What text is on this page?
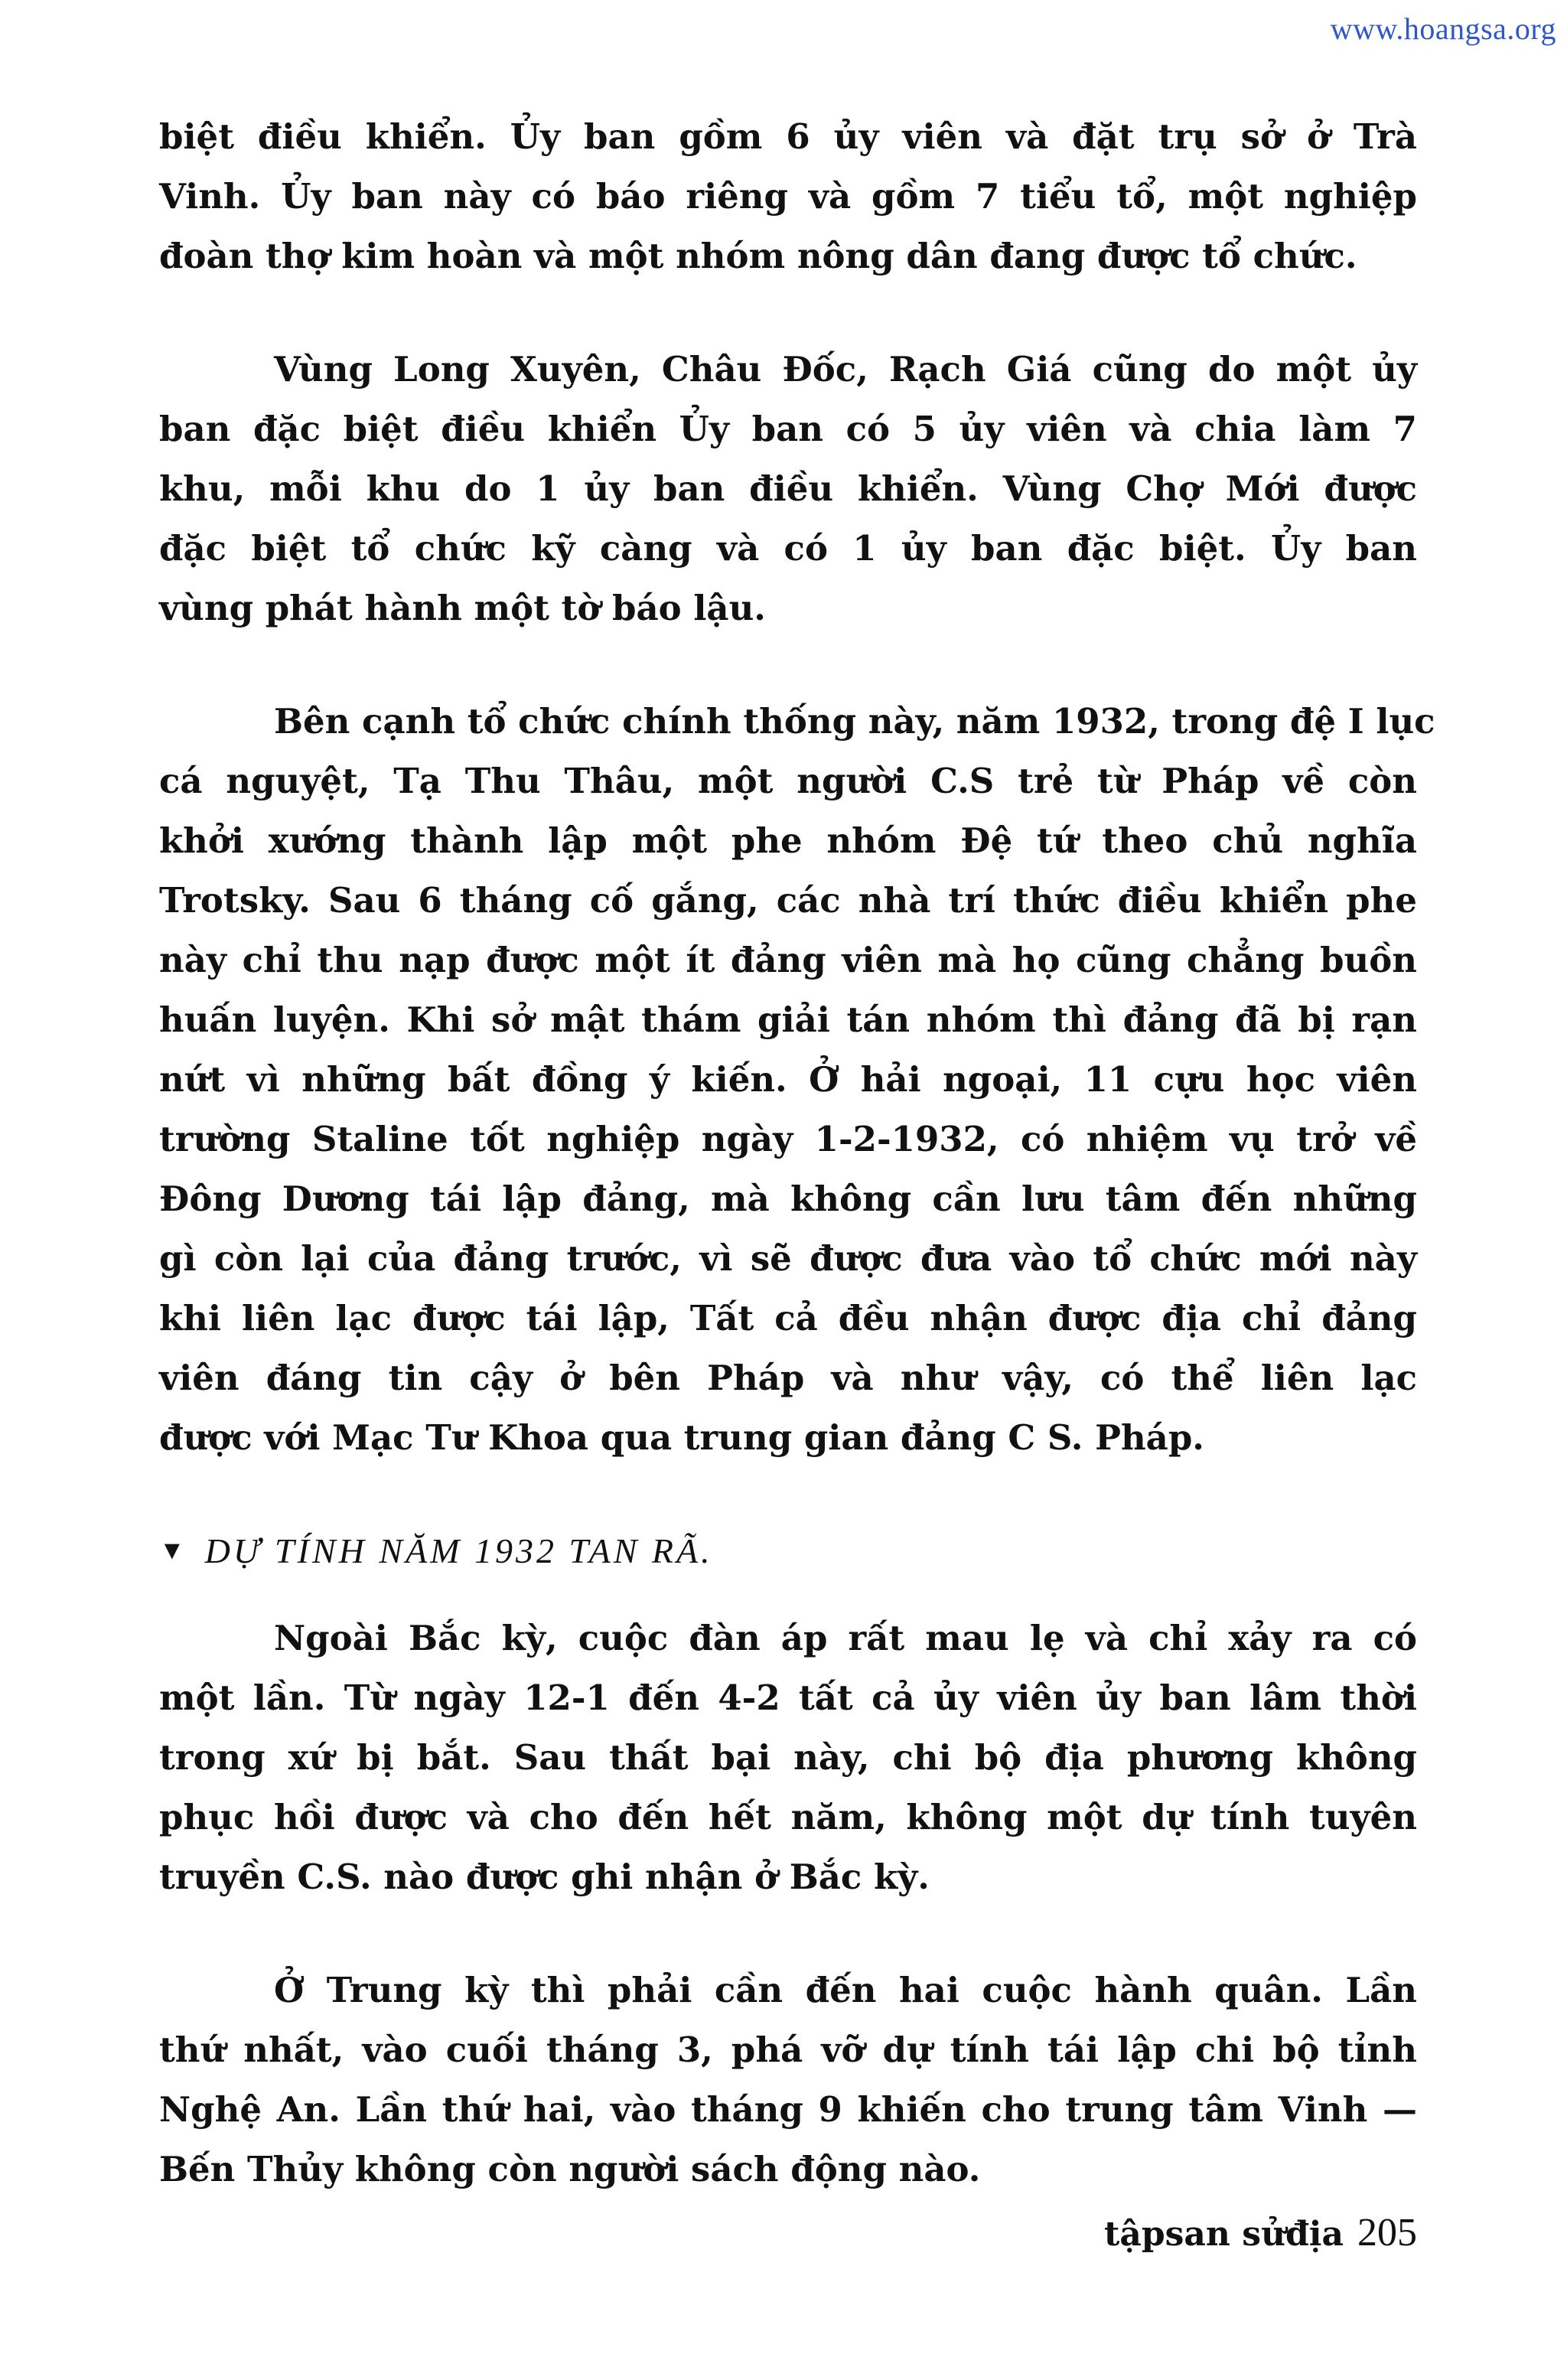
www.hoangsa.org

biệt điều khiển. Ủy ban gồm 6 ủy viên và đặt trụ sở ở Trà
Vinh. Ủy ban này có báo riêng và gồm 7 tiểu tổ, một nghiệp
đoàn thợ kim hoàn và một nhóm nông dân đang được tổ chức.

Vùng Long Xuyên, Châu Đốc, Rạch Giá cũng do một ủy
ban đặc biệt điều khiển Ủy ban có 5 ủy viên và chia làm 7
khu, mỗi khu do 1 ủy ban điều khiển. Vùng Chợ Mới được
đặc biệt tổ chức kỹ càng và có 1 ủy ban đặc biệt. Ủy ban
vùng phát hành một tờ báo lậu.

Bên cạnh tổ chức chính thống này, năm 1932, trong đệ I lục
cá nguyệt, Tạ Thu Thâu, một người C.S trẻ từ Pháp về còn
khởi xướng thành lập một phe nhóm Đệ tứ theo chủ nghĩa
Trotsky. Sau 6 tháng cố gắng, các nhà trí thức điều khiển phe
này chỉ thu nạp được một ít đảng viên mà họ cũng chẳng buồn
huấn luyện. Khi sở mật thám giải tán nhóm thì đảng đã bị rạn
nứt vì những bất đồng ý kiến. Ở hải ngoại, 11 cựu học viên
trường Staline tốt nghiệp ngày 1-2-1932, có nhiệm vụ trở về
Đông Dương tái lập đảng, mà không cần lưu tâm đến những
gì còn lại của đảng trước, vì sẽ được đưa vào tổ chức mới này
khi liên lạc được tái lập, Tất cả đều nhận được địa chỉ đảng
viên đáng tin cậy ở bên Pháp và như vậy, có thể liên lạc
được với Mạc Tư Khoa qua trung gian đảng C S. Pháp.

▼ DỰ TÍNH NĂM 1932 TAN RÃ.

Ngoài Bắc kỳ, cuộc đàn áp rất mau lẹ và chỉ xảy ra có
một lần. Từ ngày 12-1 đến 4-2 tất cả ủy viên ủy ban lâm thời
trong xứ bị bắt. Sau thất bại này, chi bộ địa phương không
phục hồi được và cho đến hết năm, không một dự tính tuyên
truyền C.S. nào được ghi nhận ở Bắc kỳ.

Ở Trung kỳ thì phải cần đến hai cuộc hành quân. Lần
thứ nhất, vào cuối tháng 3, phá vỡ dự tính tái lập chi bộ tỉnh
Nghệ An. Lần thứ hai, vào tháng 9 khiến cho trung tâm Vinh —
Bến Thủy không còn người sách động nào.

tậpsan sửđịa 205
